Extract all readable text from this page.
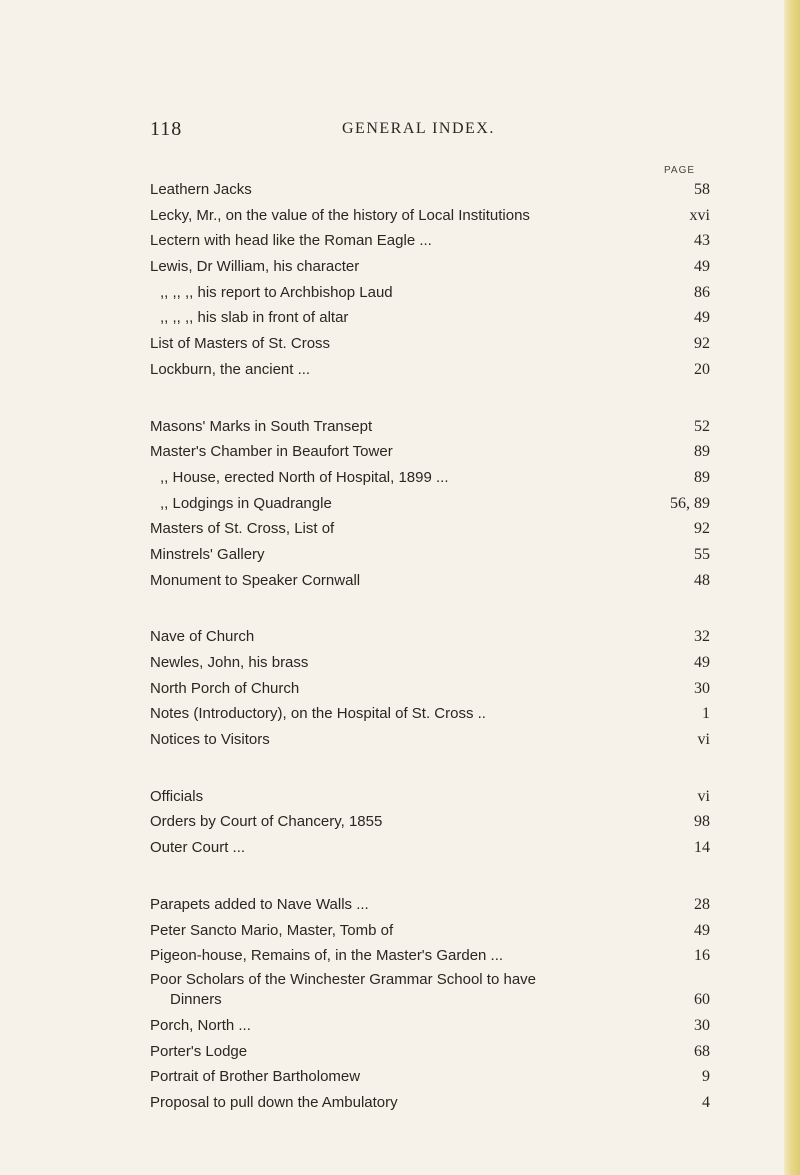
118	GENERAL INDEX.
PAGE
Leathern Jacks	58
Lecky, Mr., on the value of the history of Local Institutions	xvi
Lectern with head like the Roman Eagle ...	43
Lewis, Dr William, his character	49
,, ,, ,, his report to Archbishop Laud	86
,, ,, ,, his slab in front of altar	49
List of Masters of St. Cross	92
Lockburn, the ancient ...	20
Masons' Marks in South Transept	52
Master's Chamber in Beaufort Tower	89
,, House, erected North of Hospital, 1899 ...	89
,, Lodgings in Quadrangle	56, 89
Masters of St. Cross, List of	92
Minstrels' Gallery	55
Monument to Speaker Cornwall	48
Nave of Church	32
Newles, John, his brass	49
North Porch of Church	30
Notes (Introductory), on the Hospital of St. Cross ..	1
Notices to Visitors	vi
Officials	vi
Orders by Court of Chancery, 1855	98
Outer Court ...	14
Parapets added to Nave Walls ...	28
Peter Sancto Mario, Master, Tomb of	49
Pigeon-house, Remains of, in the Master's Garden ...	16
Poor Scholars of the Winchester Grammar School to have
Dinners	60
Porch, North ...	30
Porter's Lodge	68
Portrait of Brother Bartholomew	9
Proposal to pull down the Ambulatory	4
